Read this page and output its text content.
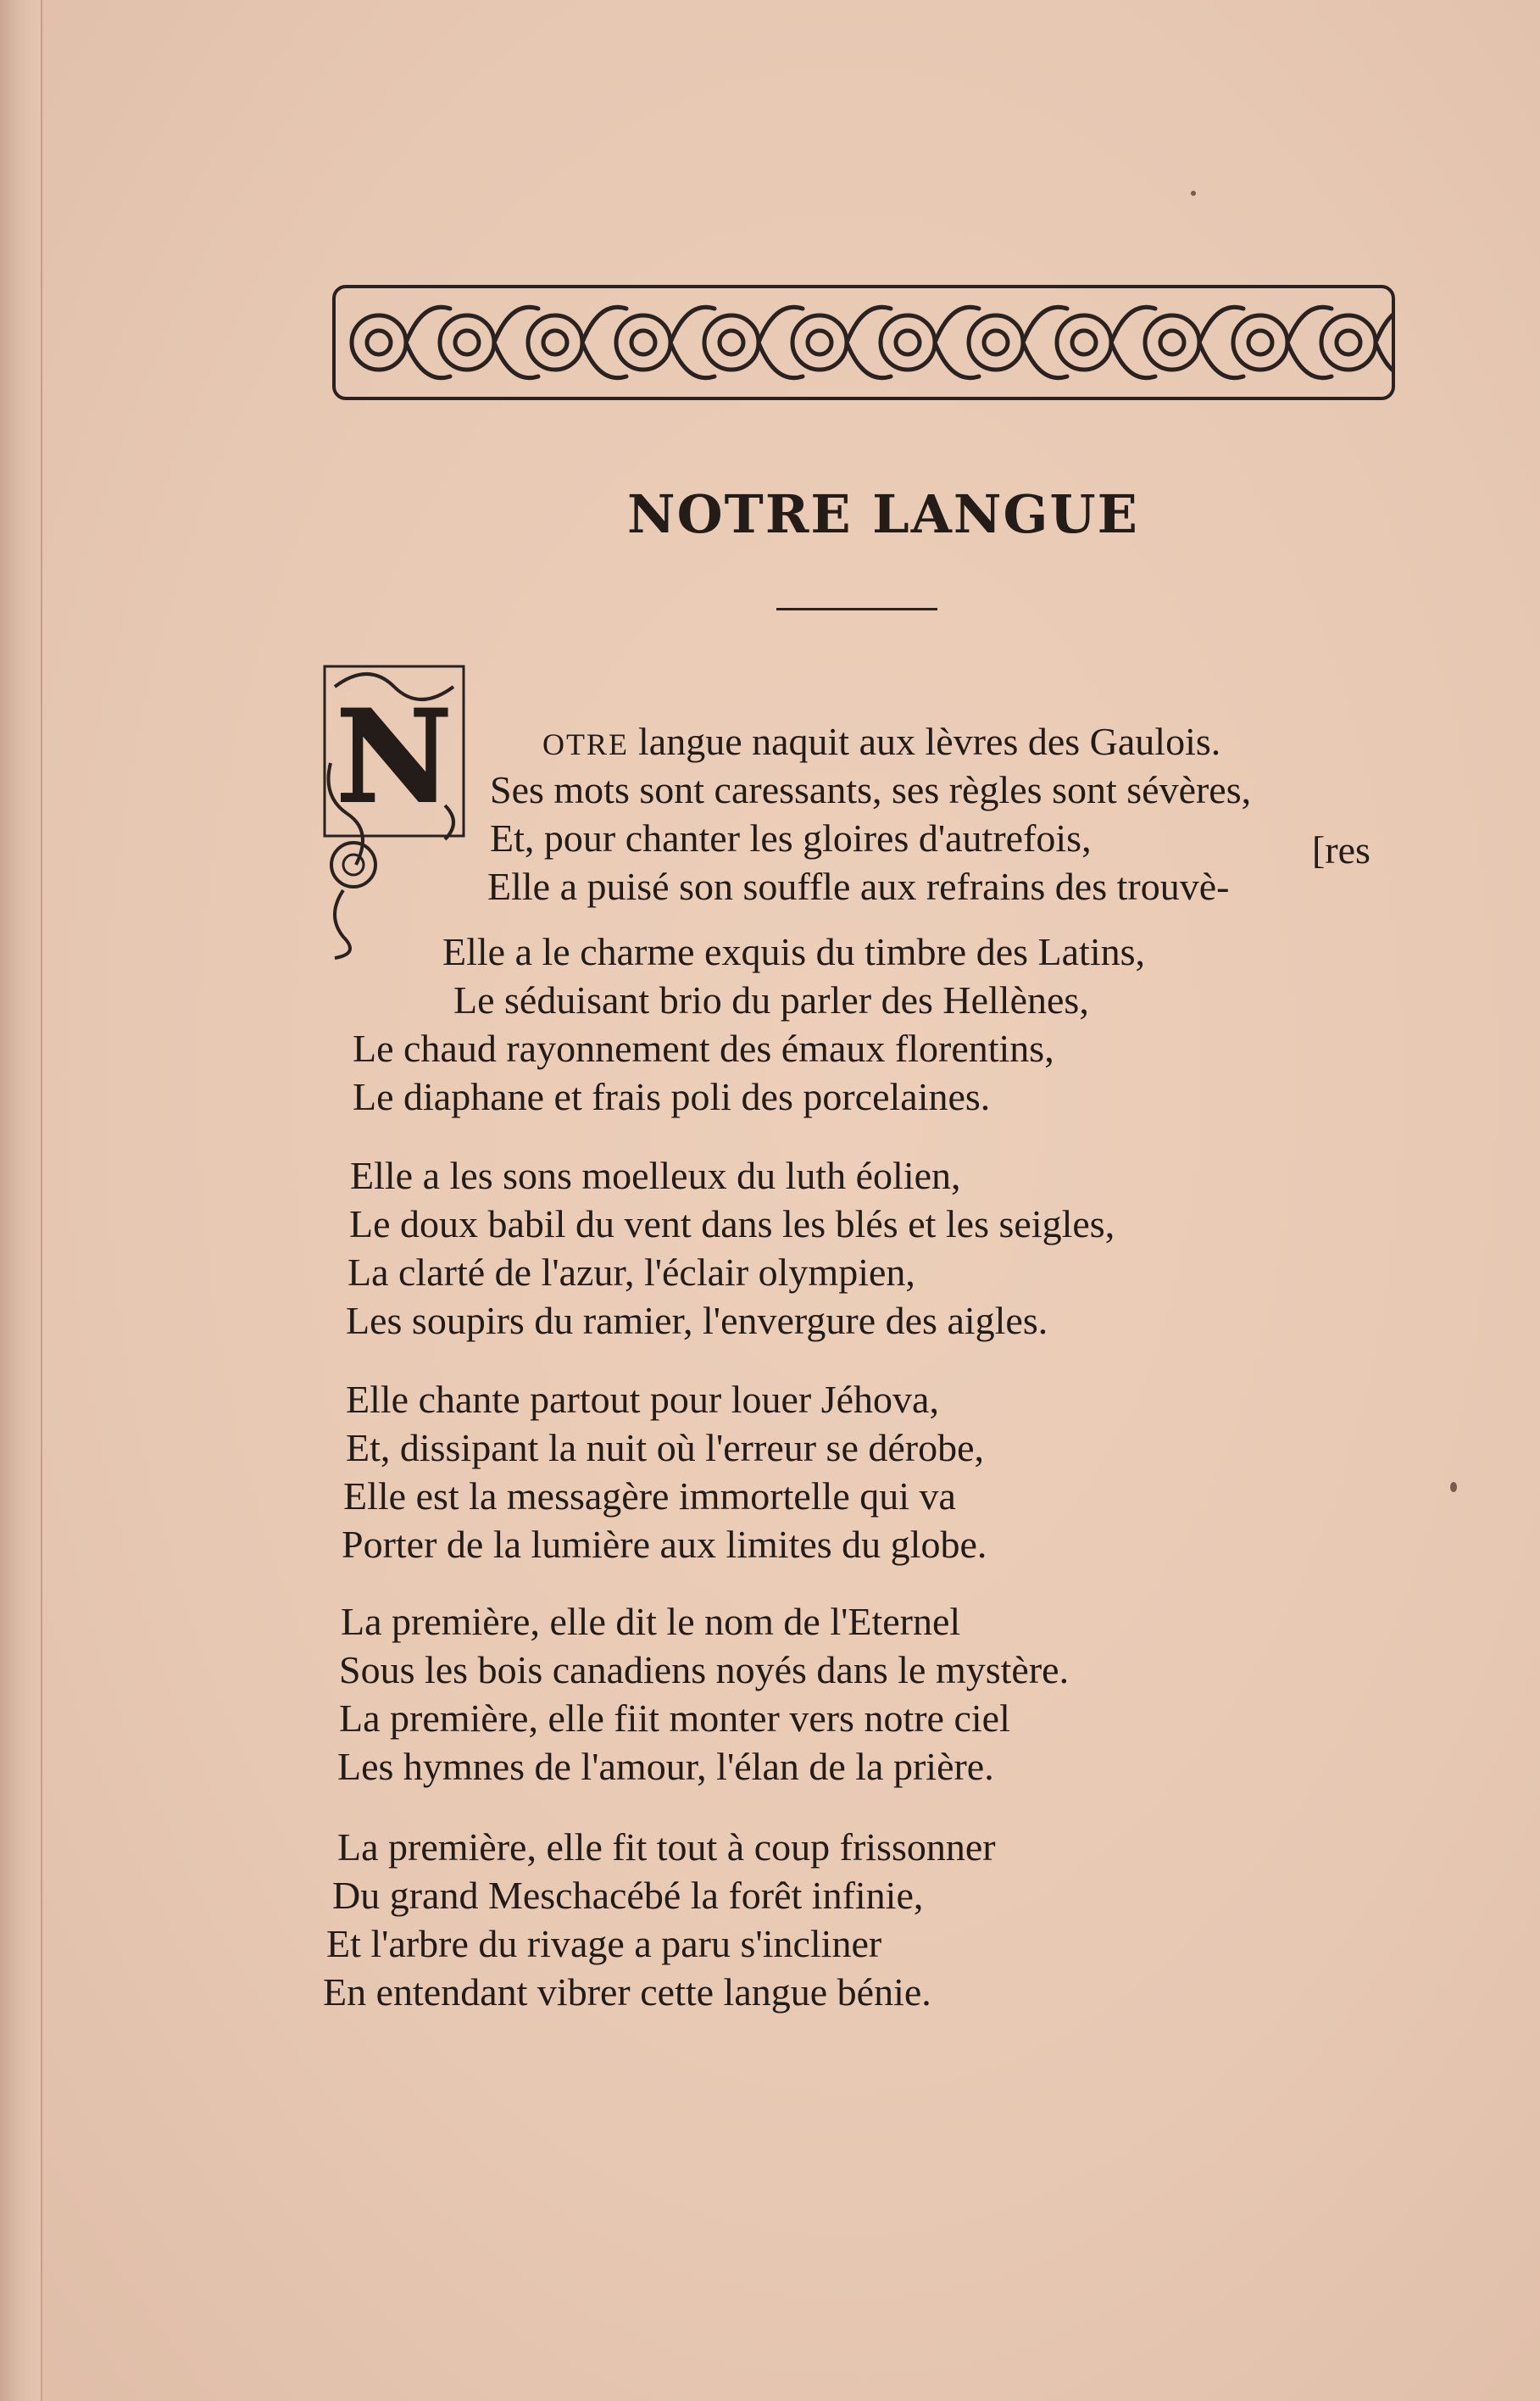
NOTRE LANGUE
N	OTRE langue naquit aux lèvres des Gaulois.
Ses mots sont caressants, ses règles sont sévères,
Et, pour chanter les gloires d'autrefois,
Elle a puisé son souffle aux refrains des trouvè-
Elle a le charme exquis du timbre des Latins,
Le séduisant brio du parler des Hellènes,
Le chaud rayonnement des émaux florentins,
Le diaphane et frais poli des porcelaines.
Elle a les sons moelleux du luth éolien,
Le doux babil du vent dans les blés et les seigles,
La clarté de l'azur, l'éclair olympien,
Les soupirs du ramier, l'envergure des aigles.
Elle chante partout pour louer Jéhova,
Et, dissipant la nuit où l'erreur se dérobe,
Elle est la messagère immortelle qui va
Porter de la lumière aux limites du globe.
La première, elle dit le nom de l'Eternel
Sous les bois canadiens noyés dans le mystère.
La première, elle fiit monter vers notre ciel
Les hymnes de l'amour, l'élan de la prière.
La première, elle fit tout à coup frissonner
Du grand Meschacébé la forêt infinie,
Et l'arbre du rivage a paru s'incliner
En entendant vibrer cette langue bénie.
[res
